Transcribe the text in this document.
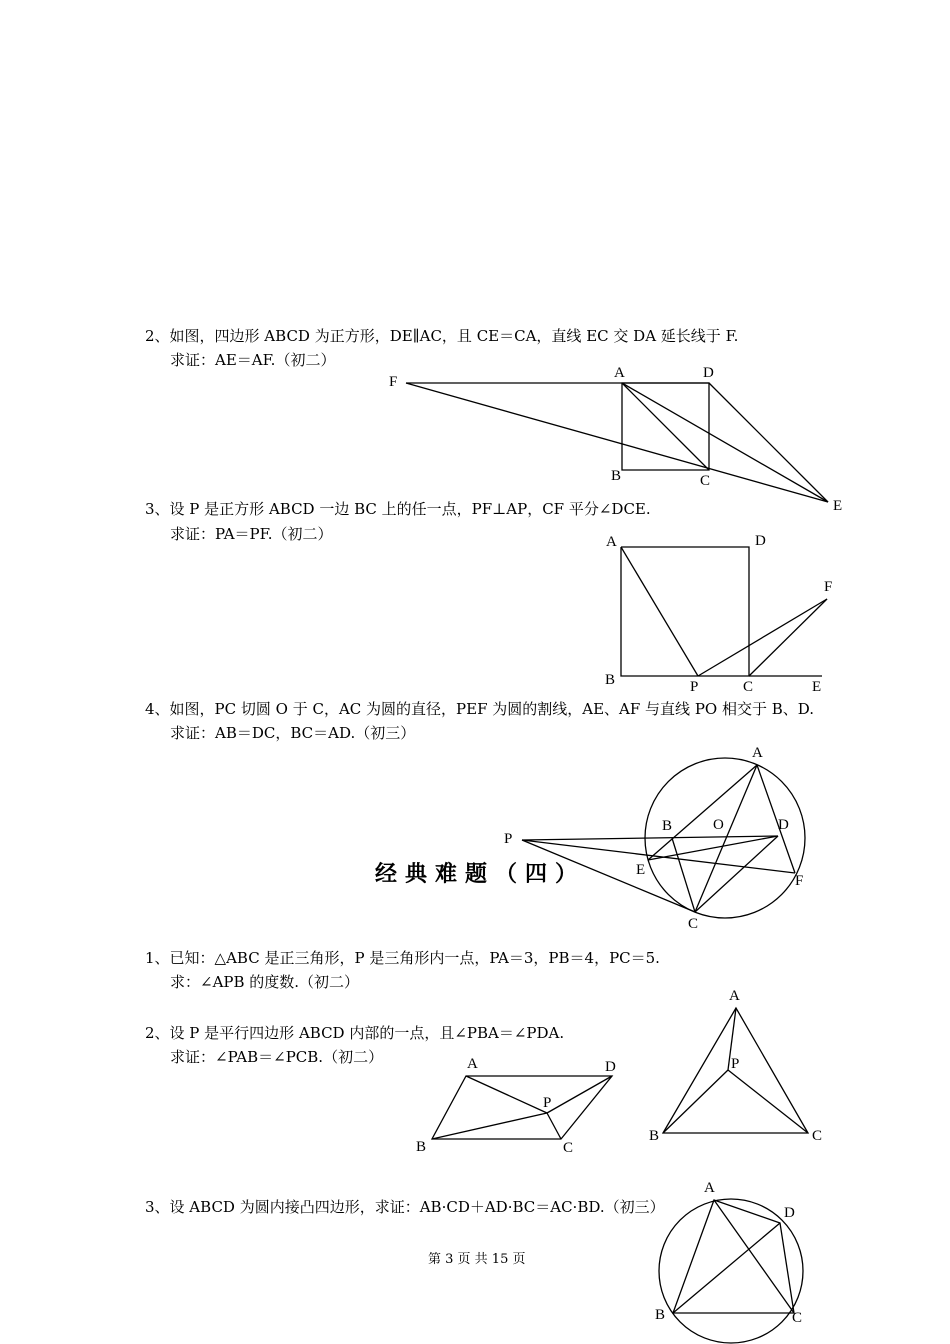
2、如图，四边形 ABCD 为正方形，DE∥AC，且 CE＝CA，直线 EC 交 DA 延长线于 F.
求证：AE＝AF.（初二）
3、设 P 是正方形 ABCD 一边 BC 上的任一点，PF⊥AP，CF 平分∠DCE.
求证：PA＝PF.（初二）
4、如图，PC 切圆 O 于 C，AC 为圆的直径，PEF 为圆的割线，AE、AF 与直线 PO 相交于 B、D.
求证：AB＝DC，BC＝AD.（初三）
经典难题（四）
1、已知：△ABC 是正三角形，P 是三角形内一点，PA＝3，PB＝4，PC＝5.
求：∠APB 的度数.（初二）
2、设 P 是平行四边形 ABCD 内部的一点，且∠PBA＝∠PDA.
求证：∠PAB＝∠PCB.（初二）
3、设 ABCD 为圆内接凸四边形，求证：AB·CD＋AD·BC＝AC·BD.（初三）
第 3 页 共 15 页
F
A	D
B	C
E
A	D
F
B	P	C	E
A
B	O	D
P
E
F
C
A
P
B	C
A	D
P
B	C
A
D
B	C
